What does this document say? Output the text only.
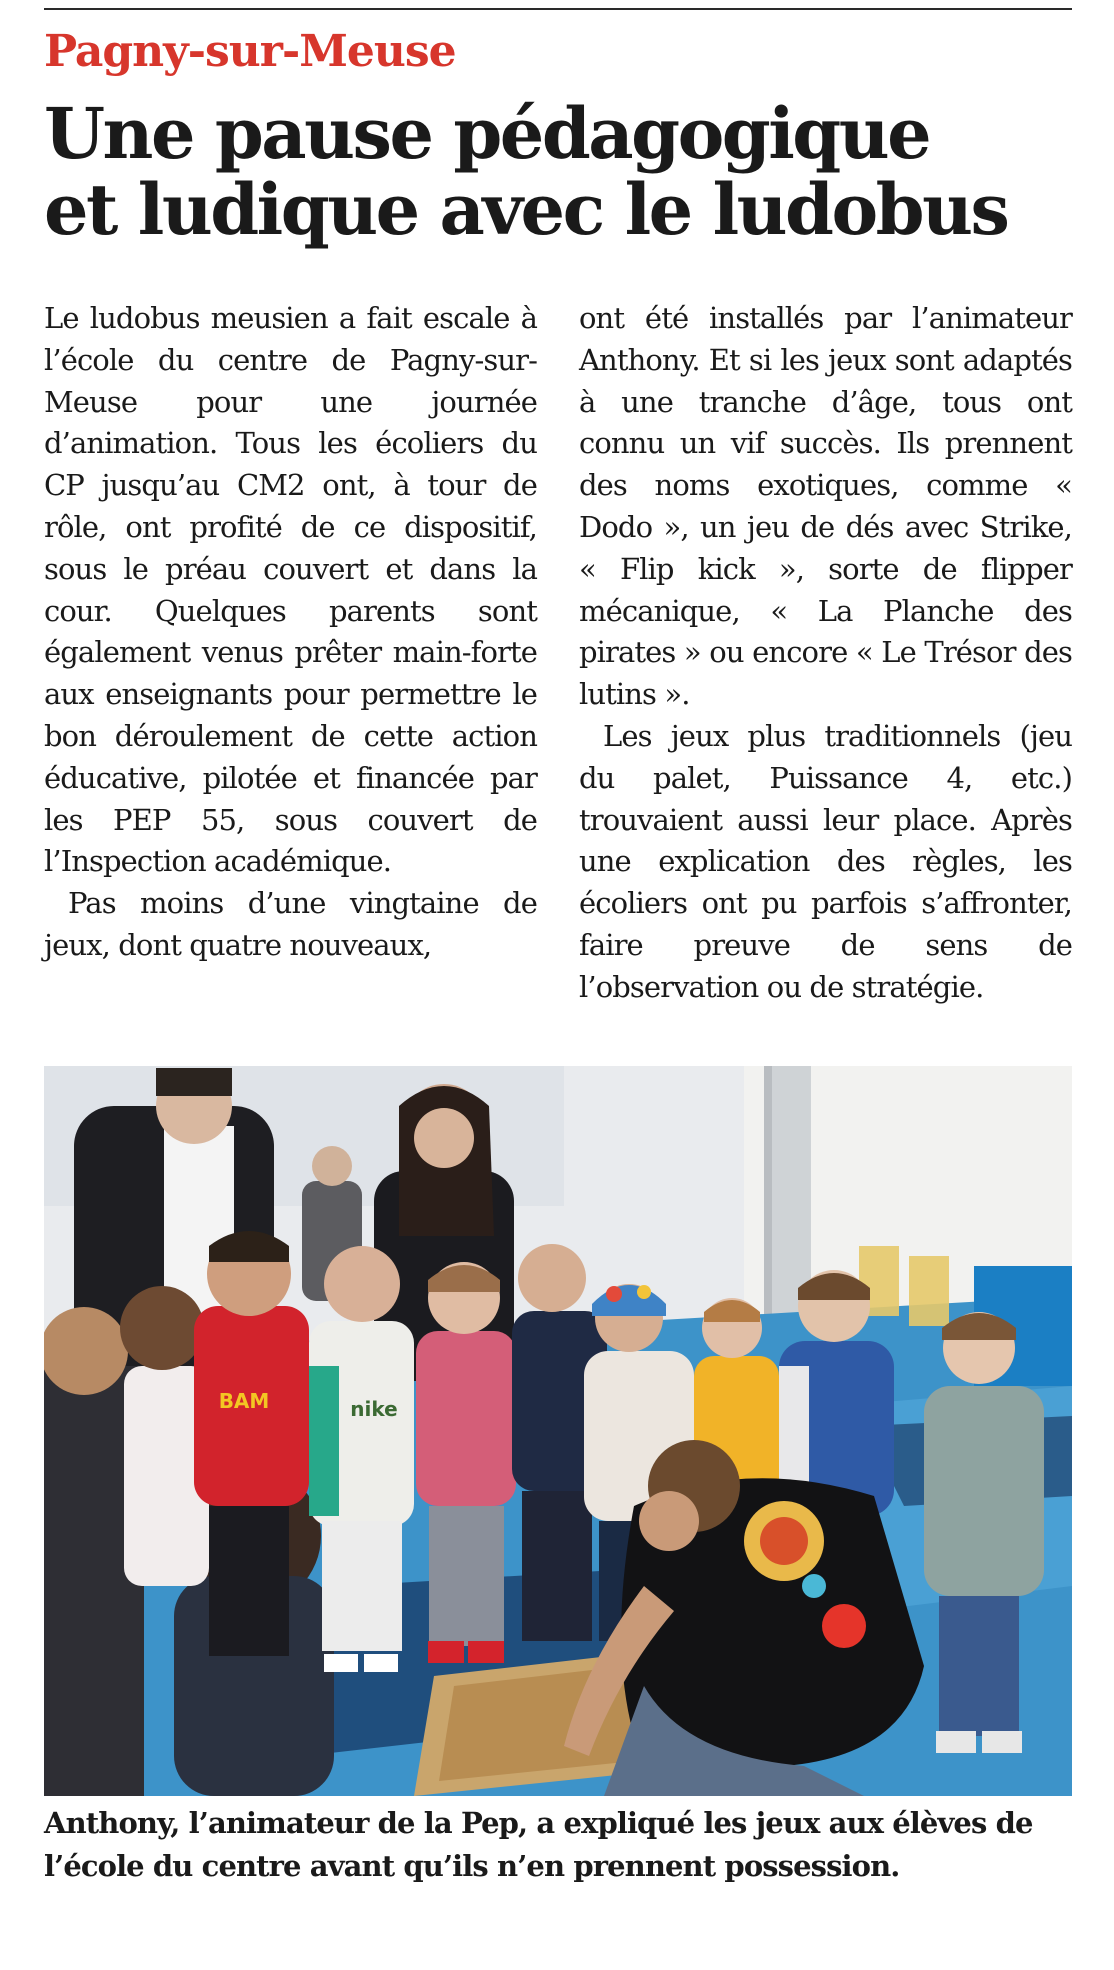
Pagny-sur-Meuse
Une pause pédagogique
et ludique avec le ludobus

Le ludobus meusien a fait escale à l’école du centre de Pagny-sur-Meuse pour une journée d’animation. Tous les écoliers du CP jusqu’au CM2 ont, à tour de rôle, ont profité de ce dispositif, sous le préau couvert et dans la cour. Quelques parents sont également venus prêter main-forte aux enseignants pour permettre le bon déroulement de cette action éducative, pilotée et financée par les PEP 55, sous couvert de l’Inspection académique.

Pas moins d’une vingtaine de jeux, dont quatre nouveaux,

ont été installés par l’animateur Anthony. Et si les jeux sont adaptés à une tranche d’âge, tous ont connu un vif succès. Ils prennent des noms exotiques, comme « Dodo », un jeu de dés avec Strike, « Flip kick », sorte de flipper mécanique, « La Planche des pirates » ou encore « Le Trésor des lutins ».

Les jeux plus traditionnels (jeu du palet, Puissance 4, etc.) trouvaient aussi leur place. Après une explication des règles, les écoliers ont pu parfois s’affronter, faire preuve de sens de l’observation ou de stratégie.

BAM	nike

Anthony, l’animateur de la Pep, a expliqué les jeux aux élèves de l’école du centre avant qu’ils n’en prennent possession.
